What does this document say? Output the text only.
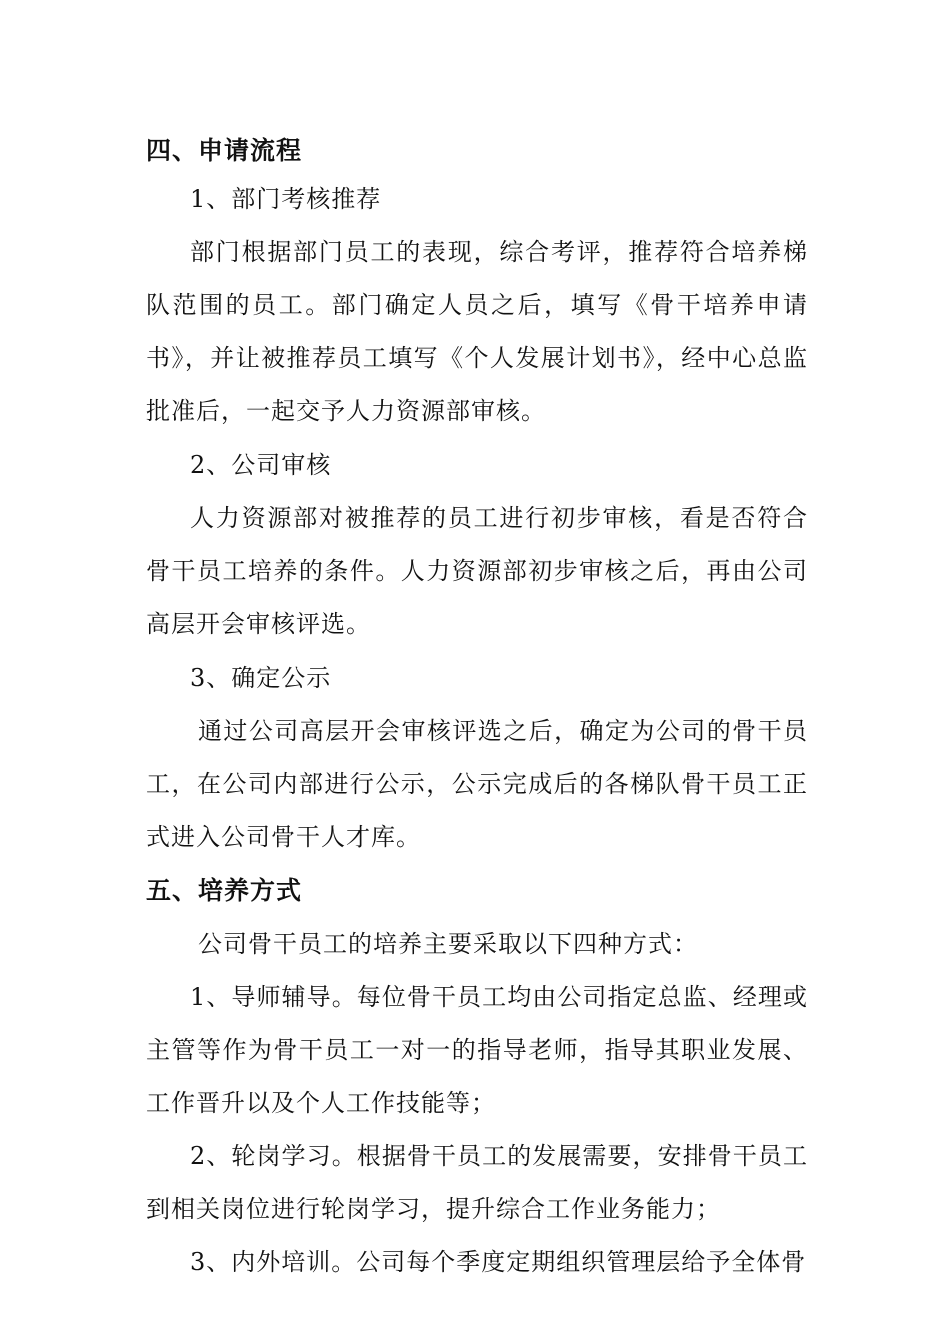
四、申请流程

1、部门考核推荐

部门根据部门员工的表现，综合考评，推荐符合培养梯队范围的员工。部门确定人员之后，填写《骨干培养申请书》，并让被推荐员工填写《个人发展计划书》，经中心总监批准后，一起交予人力资源部审核。

2、公司审核

人力资源部对被推荐的员工进行初步审核，看是否符合骨干员工培养的条件。人力资源部初步审核之后，再由公司高层开会审核评选。

3、确定公示

通过公司高层开会审核评选之后，确定为公司的骨干员工，在公司内部进行公示，公示完成后的各梯队骨干员工正式进入公司骨干人才库。

五、培养方式

公司骨干员工的培养主要采取以下四种方式：

1、导师辅导。每位骨干员工均由公司指定总监、经理或主管等作为骨干员工一对一的指导老师，指导其职业发展、工作晋升以及个人工作技能等；

2、轮岗学习。根据骨干员工的发展需要，安排骨干员工到相关岗位进行轮岗学习，提升综合工作业务能力；

3、内外培训。公司每个季度定期组织管理层给予全体骨
